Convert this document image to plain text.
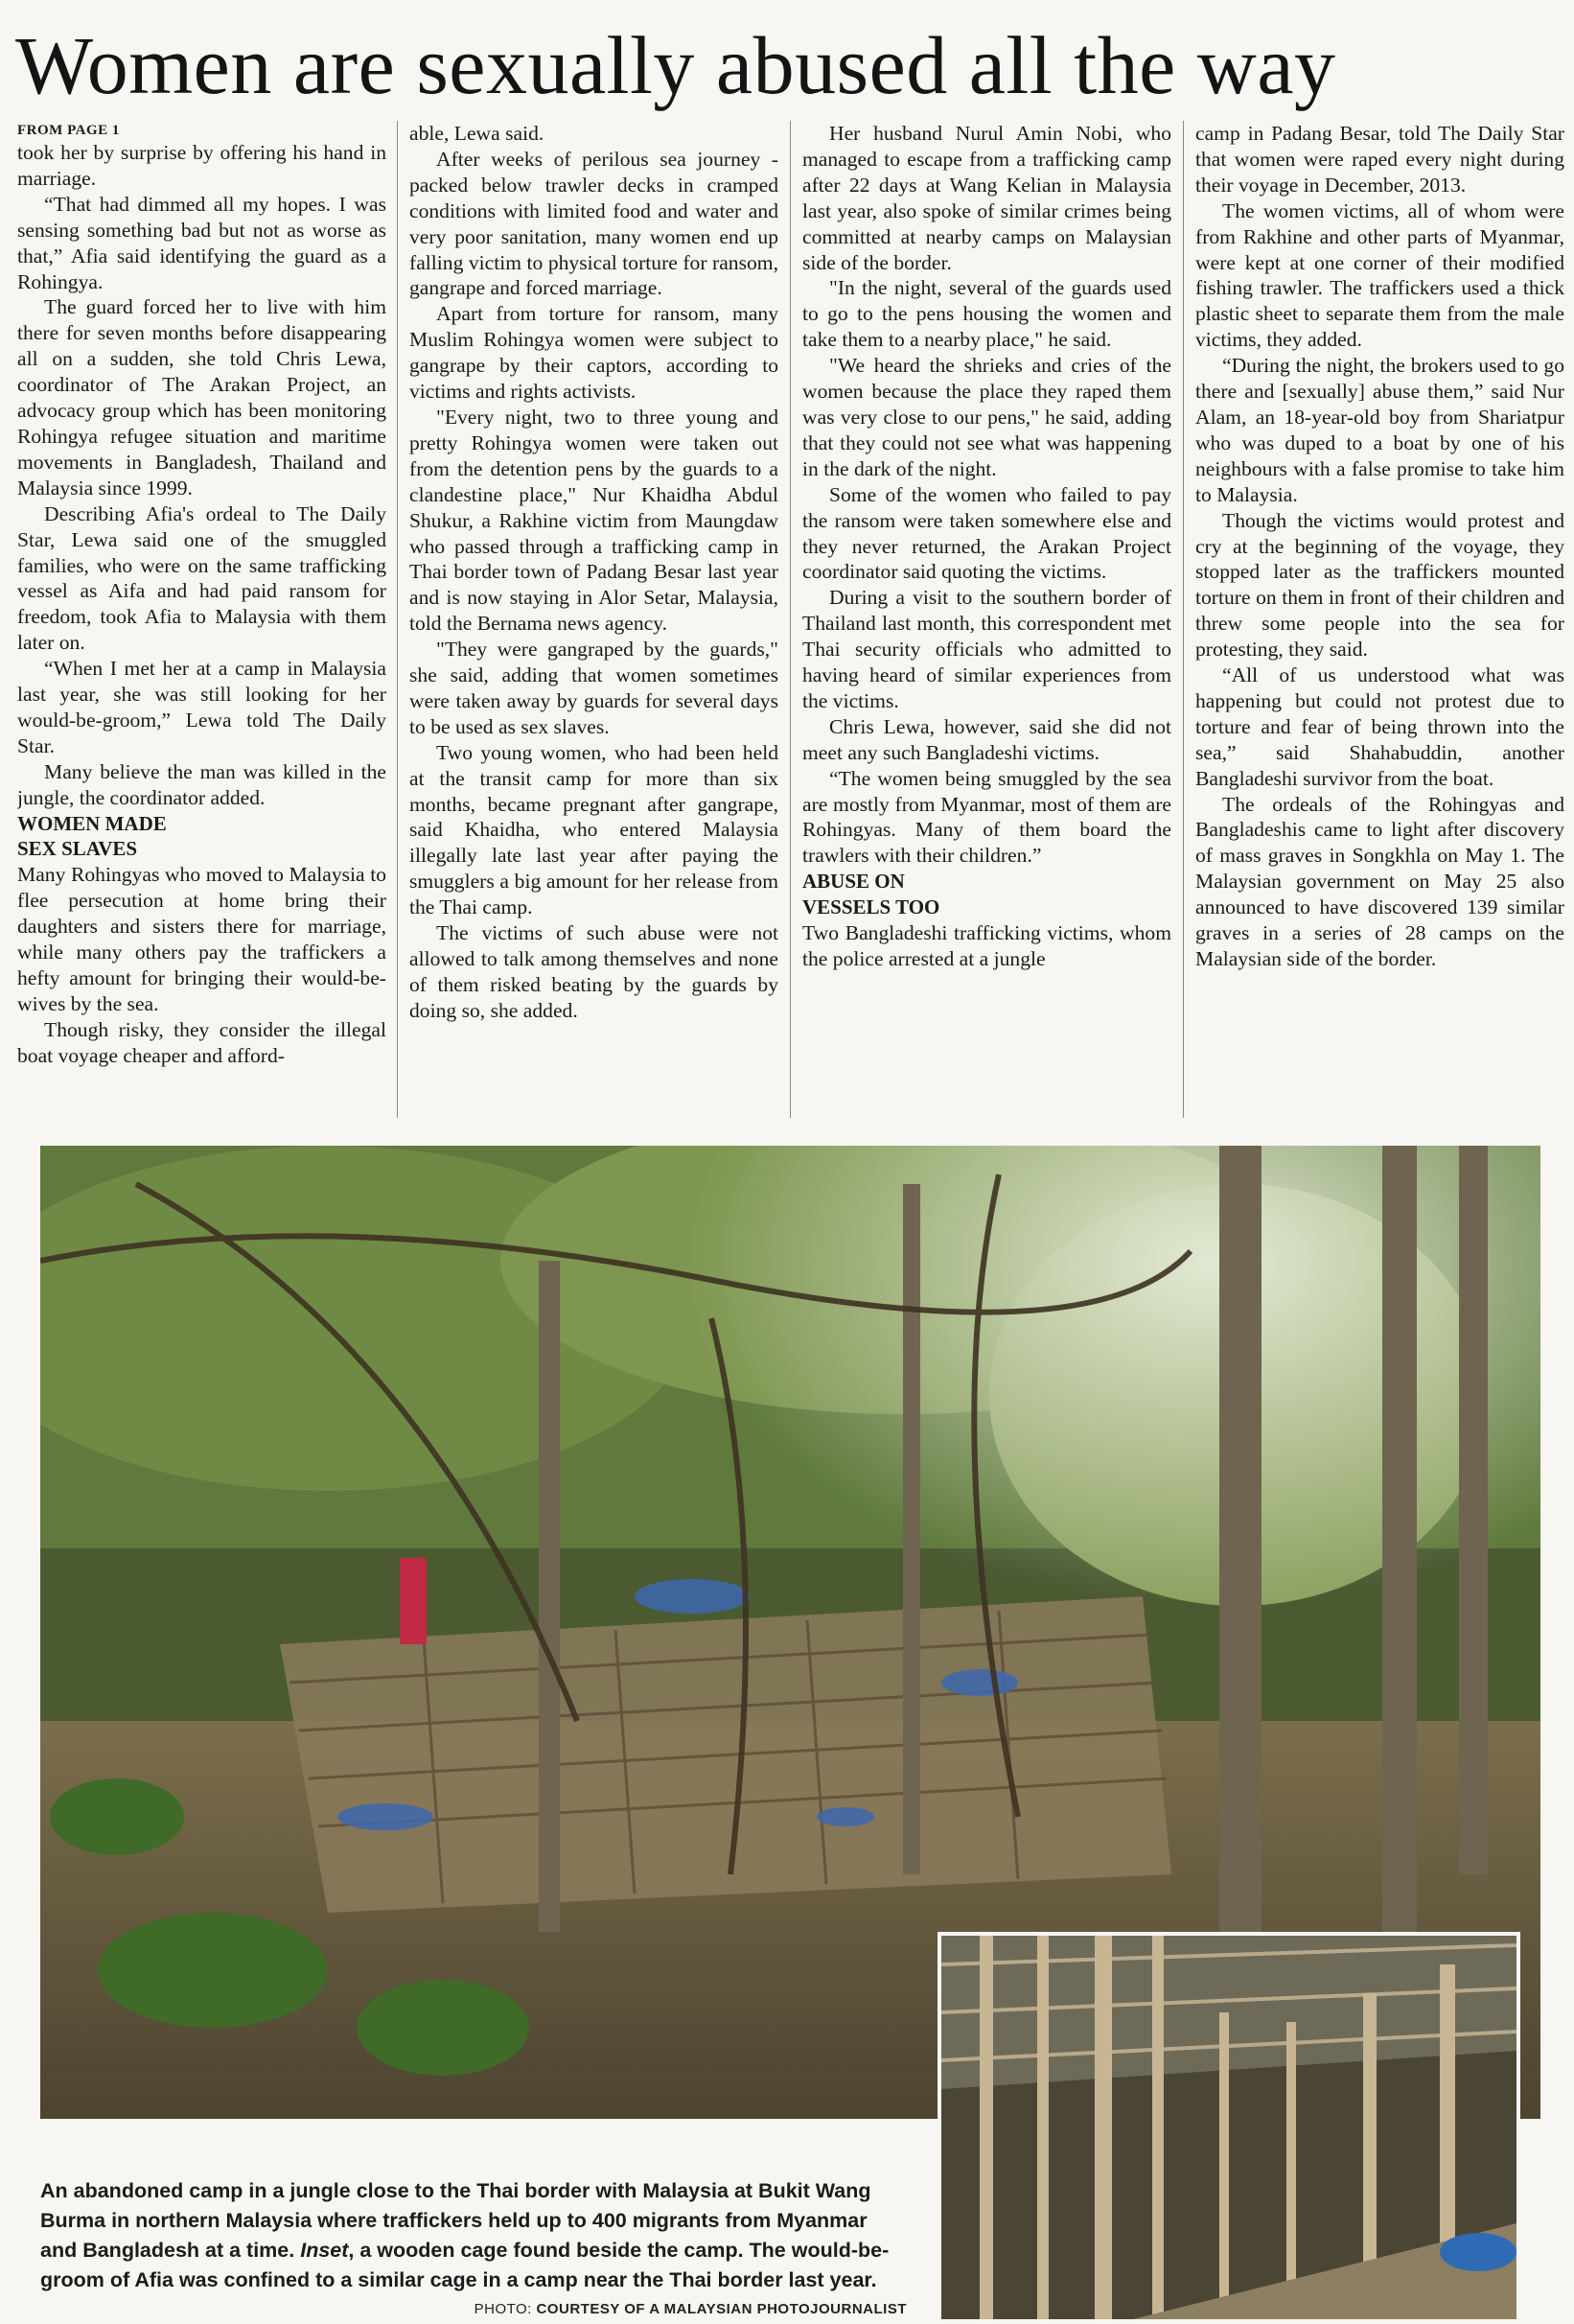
Women are sexually abused all the way

FROM PAGE 1

took her by surprise by offering his hand in marriage.

“That had dimmed all my hopes. I was sensing something bad but not as worse as that,” Afia said identifying the guard as a Rohingya.

The guard forced her to live with him there for seven months before disappearing all on a sudden, she told Chris Lewa, coordinator of The Arakan Project, an advocacy group which has been monitoring Rohingya refugee situation and maritime movements in Bangladesh, Thailand and Malaysia since 1999.

Describing Afia's ordeal to The Daily Star, Lewa said one of the smuggled families, who were on the same trafficking vessel as Aifa and had paid ransom for freedom, took Afia to Malaysia with them later on.

“When I met her at a camp in Malaysia last year, she was still looking for her would-be-groom,” Lewa told The Daily Star.

Many believe the man was killed in the jungle, the coordinator added.

WOMEN MADE

SEX SLAVES

Many Rohingyas who moved to Malaysia to flee persecution at home bring their daughters and sisters there for marriage, while many others pay the traffickers a hefty amount for bringing their would-be-wives by the sea.

Though risky, they consider the illegal boat voyage cheaper and afford-

able, Lewa said.

After weeks of perilous sea journey - packed below trawler decks in cramped conditions with limited food and water and very poor sanitation, many women end up falling victim to physical torture for ransom, gangrape and forced marriage.

Apart from torture for ransom, many Muslim Rohingya women were subject to gangrape by their captors, according to victims and rights activists.

"Every night, two to three young and pretty Rohingya women were taken out from the detention pens by the guards to a clandestine place," Nur Khaidha Abdul Shukur, a Rakhine victim from Maungdaw who passed through a trafficking camp in Thai border town of Padang Besar last year and is now staying in Alor Setar, Malaysia, told the Bernama news agency.

"They were gangraped by the guards," she said, adding that women sometimes were taken away by guards for several days to be used as sex slaves.

Two young women, who had been held at the transit camp for more than six months, became pregnant after gangrape, said Khaidha, who entered Malaysia illegally late last year after paying the smugglers a big amount for her release from the Thai camp.

The victims of such abuse were not allowed to talk among themselves and none of them risked beating by the guards by doing so, she added.

Her husband Nurul Amin Nobi, who managed to escape from a trafficking camp after 22 days at Wang Kelian in Malaysia last year, also spoke of similar crimes being committed at nearby camps on Malaysian side of the border.

"In the night, several of the guards used to go to the pens housing the women and take them to a nearby place," he said.

"We heard the shrieks and cries of the women because the place they raped them was very close to our pens," he said, adding that they could not see what was happening in the dark of the night.

Some of the women who failed to pay the ransom were taken somewhere else and they never returned, the Arakan Project coordinator said quoting the victims.

During a visit to the southern border of Thailand last month, this correspondent met Thai security officials who admitted to having heard of similar experiences from the victims.

Chris Lewa, however, said she did not meet any such Bangladeshi victims.

“The women being smuggled by the sea are mostly from Myanmar, most of them are Rohingyas. Many of them board the trawlers with their children.”

ABUSE ON

VESSELS TOO

Two Bangladeshi trafficking victims, whom the police arrested at a jungle

camp in Padang Besar, told The Daily Star that women were raped every night during their voyage in December, 2013.

The women victims, all of whom were from Rakhine and other parts of Myanmar, were kept at one corner of their modified fishing trawler. The traffickers used a thick plastic sheet to separate them from the male victims, they added.

“During the night, the brokers used to go there and [sexually] abuse them,” said Nur Alam, an 18-year-old boy from Shariatpur who was duped to a boat by one of his neighbours with a false promise to take him to Malaysia.

Though the victims would protest and cry at the beginning of the voyage, they stopped later as the traffickers mounted torture on them in front of their children and threw some people into the sea for protesting, they said.

“All of us understood what was happening but could not protest due to torture and fear of being thrown into the sea,” said Shahabuddin, another Bangladeshi survivor from the boat.

The ordeals of the Rohingyas and Bangladeshis came to light after discovery of mass graves in Songkhla on May 1. The Malaysian government on May 25 also announced to have discovered 139 similar graves in a series of 28 camps on the Malaysian side of the border.

An abandoned camp in a jungle close to the Thai border with Malaysia at Bukit Wang Burma in northern Malaysia where traffickers held up to 400 migrants from Myanmar and Bangladesh at a time. Inset, a wooden cage found beside the camp. The would-be-groom of Afia was confined to a similar cage in a camp near the Thai border last year.
PHOTO: COURTESY OF A MALAYSIAN PHOTOJOURNALIST
